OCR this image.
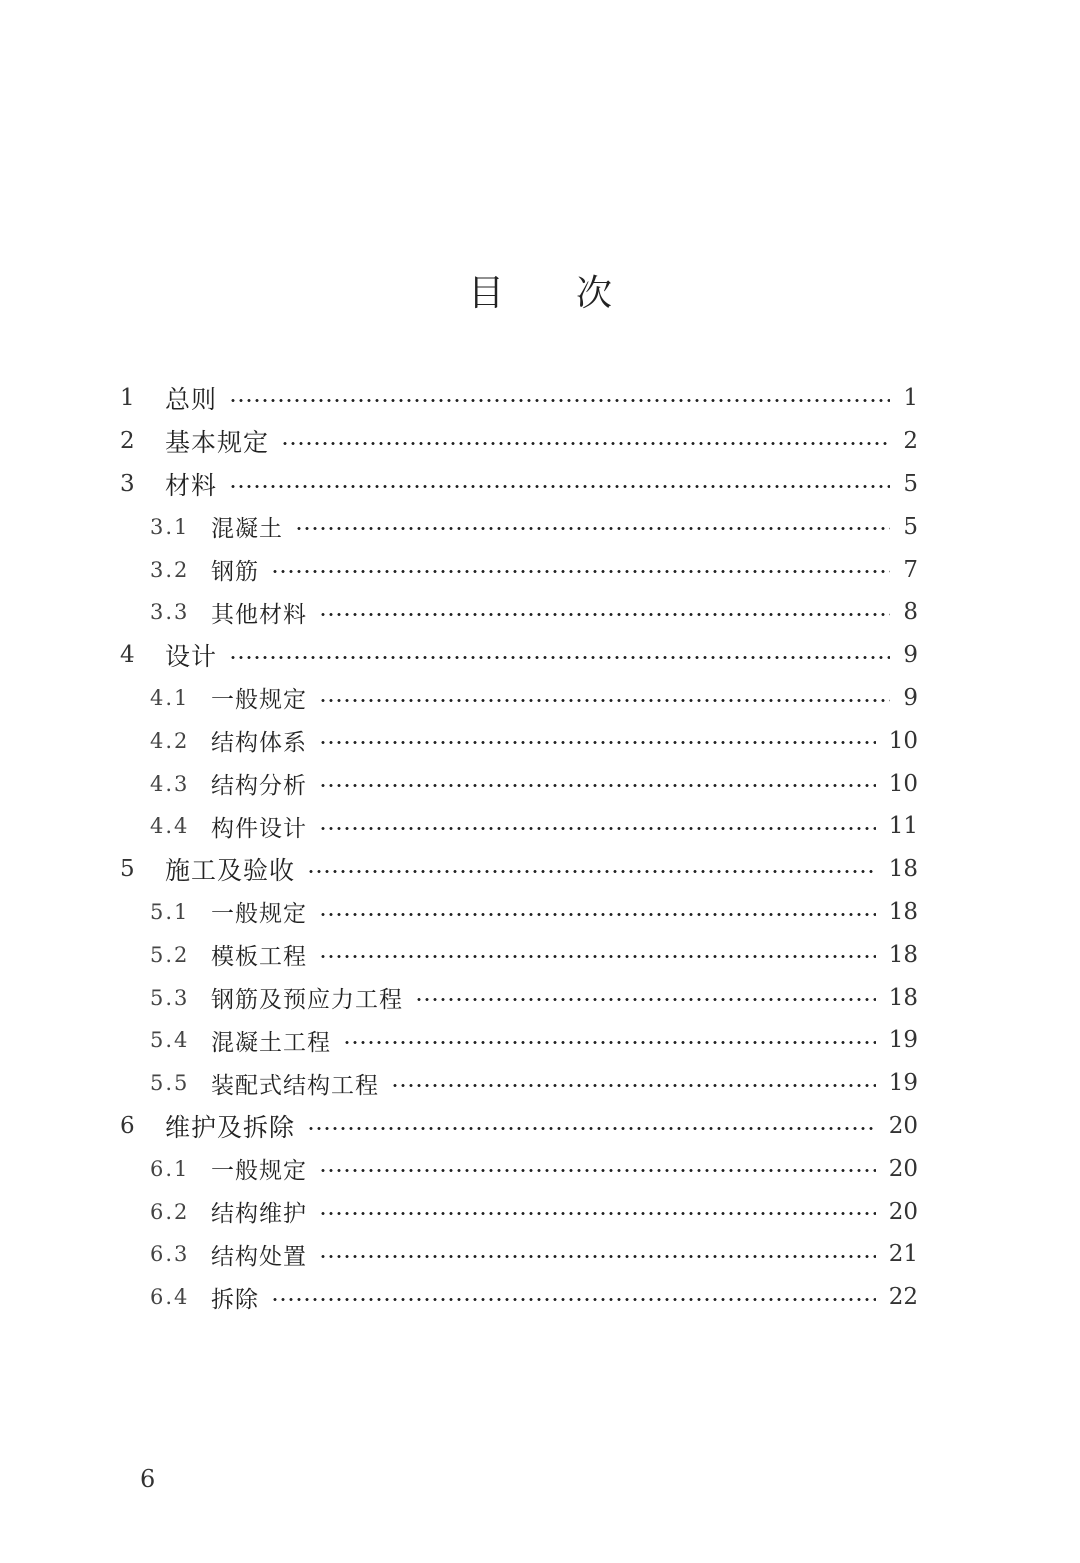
目次
1	总则	1
2	基本规定	2
3	材料	5
3.1 混凝土	5
3.2 钢筋	7
3.3 其他材料	8
4	设计	9
4.1 一般规定	9
4.2 结构体系	10
4.3 结构分析	10
4.4 构件设计	11
5	施工及验收	18
5.1 一般规定	18
5.2 模板工程	18
5.3 钢筋及预应力工程	18
5.4 混凝土工程	19
5.5 装配式结构工程	19
6	维护及拆除	20
6.1 一般规定	20
6.2 结构维护	20
6.3 结构处置	21
6.4 拆除	22
6
